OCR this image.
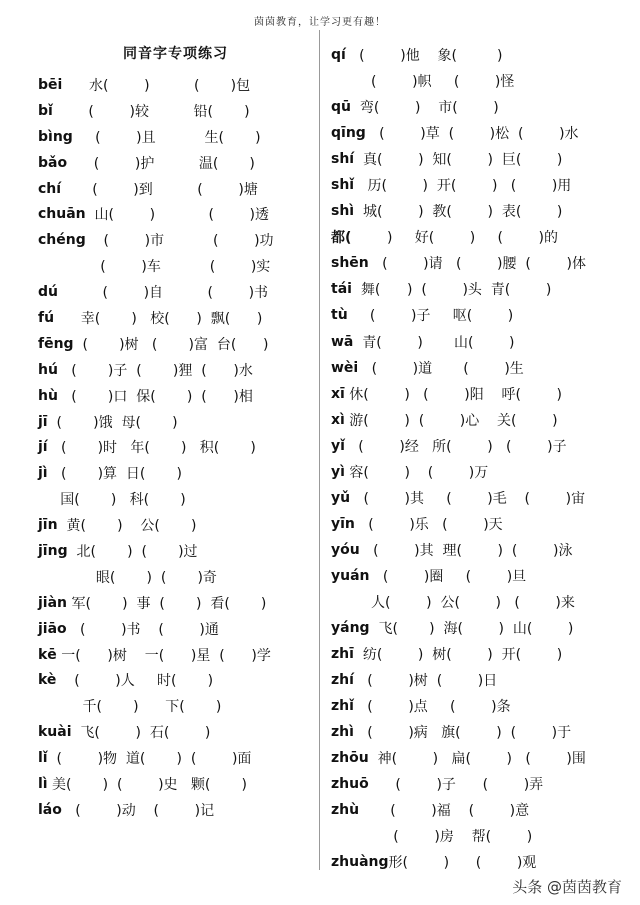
茵茵教育，让学习更有趣！
同音字专项练习
bēi 水(        )          (       )包
bǐ (        )较          铅(       )
bìng (        )且           生(       )
bǎo (        )护          温(       )
chí (        )到          (        )塘
chuān 山(        )            (        )透
chéng (        )市           (        )功
(        )车           (        )实
dú (        )自          (        )书
fú 幸(       )   校(      )  飘(      )
fēng (       )树   (       )富  台(      )
hú (       )子  (       )狸  (      )水
hù (       )口  保(       )  (      )相
jī (       )饿  母(       )
jí (       )时   年(       )   积(       )
jì (       )算  日(       )
国(       )   科(       )
jīn 黄(       )    公(       )
jīng 北(       )  (       )过
眼(       )  (       )奇
jiàn 军(       )  事  (       )  看(       )
jiāo (        )书    (        )通
kē 一(      )树    一(      )星  (      )学
kè (        )人     时(       )
千(       )      下(       )
kuài 飞(        )  石(        )
lǐ (        )物  道(       )  (        )面
lì 美(       )  (        )史   颗(       )
láo (        )动    (        )记
qí (        )他    象(         )
(        )帜     (        )怪
qū 弯(        )    市(        )
qīng (        )草  (        )松  (        )水
shí 真(        )  知(        )  巨(        )
shǐ 历(        )  开(        )   (        )用
shì 城(        )  教(        )  表(        )
都( )     好(        )     (        )的
shēn (        )请   (        )腰  (        )体
tái 舞(      )  (        )头  青(        )
tù (        )子     呕(        )
wā 青(        )       山(        )
wèi (        )道       (        )生
xī 休(        )   (        )阳    呼(        )
xì 游(        )  (        )心    关(        )
yǐ (        )经   所(        )   (        )子
yì 容(        )    (        )万
yǔ (        )其     (        )毛    (        )宙
yīn (        )乐   (        )天
yóu (        )其  理(        )  (        )泳
yuán (        )圈     (        )旦
人(        )  公(        )   (        )来
yáng 飞(       )  海(        )  山(        )
zhī 纺(        )  树(        )  开(        )
zhí (        )树  (        )日
zhǐ (        )点     (        )条
zhì (        )病   旗(        )  (        )于
zhōu 神(        )   扁(        )   (        )围
zhuō (        )子      (        )弄
zhù (        )福    (        )意
(        )房    帮(        )
zhuàng 形(        )      (        )观
头条 @茵茵教育
